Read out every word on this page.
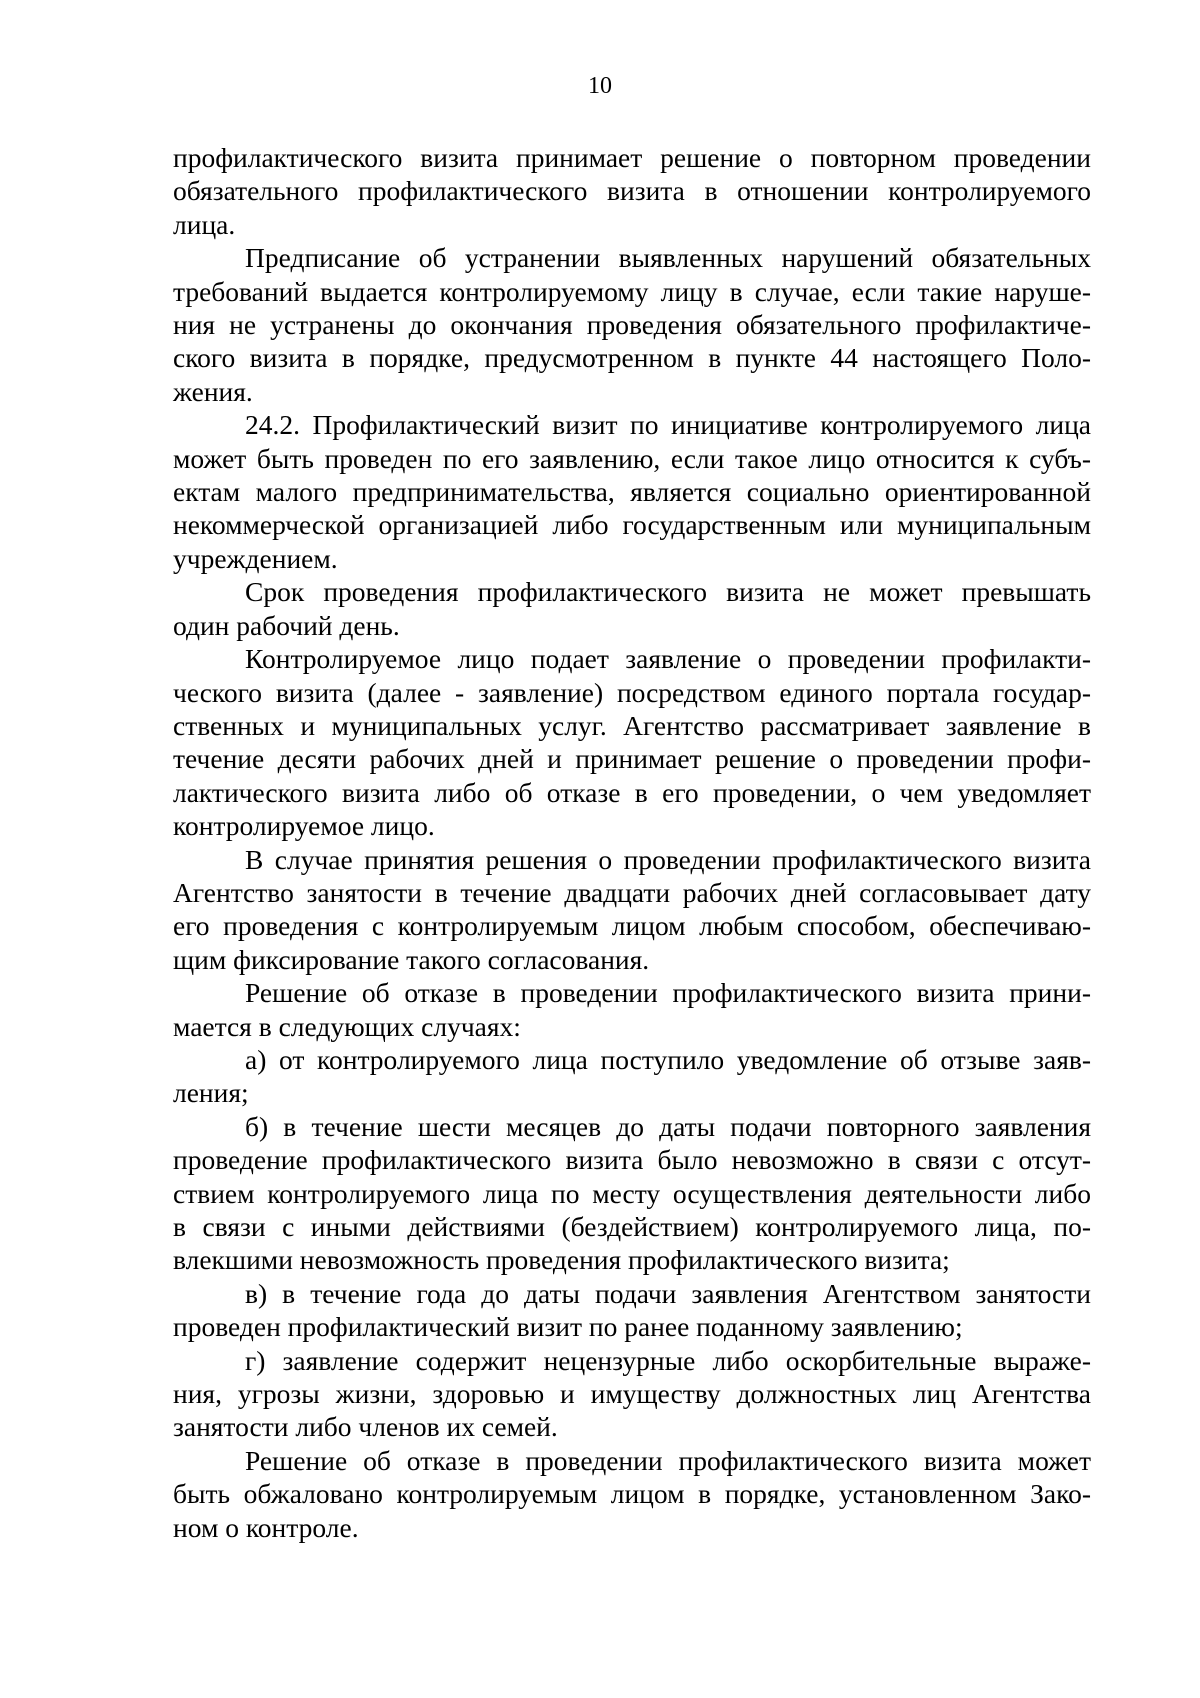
10

профилактического визита принимает решение о повторном проведении
обязательного профилактического визита в отношении контролируемого
лица.

Предписание об устранении выявленных нарушений обязательных
требований выдается контролируемому лицу в случае, если такие наруше-
ния не устранены до окончания проведения обязательного профилактиче-
ского визита в порядке, предусмотренном в пункте 44 настоящего Поло-
жения.

24.2. Профилактический визит по инициативе контролируемого лица
может быть проведен по его заявлению, если такое лицо относится к субъ-
ектам малого предпринимательства, является социально ориентированной
некоммерческой организацией либо государственным или муниципальным
учреждением.

Срок проведения профилактического визита не может превышать
один рабочий день.

Контролируемое лицо подает заявление о проведении профилакти-
ческого визита (далее - заявление) посредством единого портала государ-
ственных и муниципальных услуг. Агентство рассматривает заявление в
течение десяти рабочих дней и принимает решение о проведении профи-
лактического визита либо об отказе в его проведении, о чем уведомляет
контролируемое лицо.

В случае принятия решения о проведении профилактического визита
Агентство занятости в течение двадцати рабочих дней согласовывает дату
его проведения с контролируемым лицом любым способом, обеспечиваю-
щим фиксирование такого согласования.

Решение об отказе в проведении профилактического визита прини-
мается в следующих случаях:

а) от контролируемого лица поступило уведомление об отзыве заяв-
ления;

б) в течение шести месяцев до даты подачи повторного заявления
проведение профилактического визита было невозможно в связи с отсут-
ствием контролируемого лица по месту осуществления деятельности либо
в связи с иными действиями (бездействием) контролируемого лица, по-
влекшими невозможность проведения профилактического визита;

в) в течение года до даты подачи заявления Агентством занятости
проведен профилактический визит по ранее поданному заявлению;

г) заявление содержит нецензурные либо оскорбительные выраже-
ния, угрозы жизни, здоровью и имуществу должностных лиц Агентства
занятости либо членов их семей.

Решение об отказе в проведении профилактического визита может
быть обжаловано контролируемым лицом в порядке, установленном Зако-
ном о контроле.
